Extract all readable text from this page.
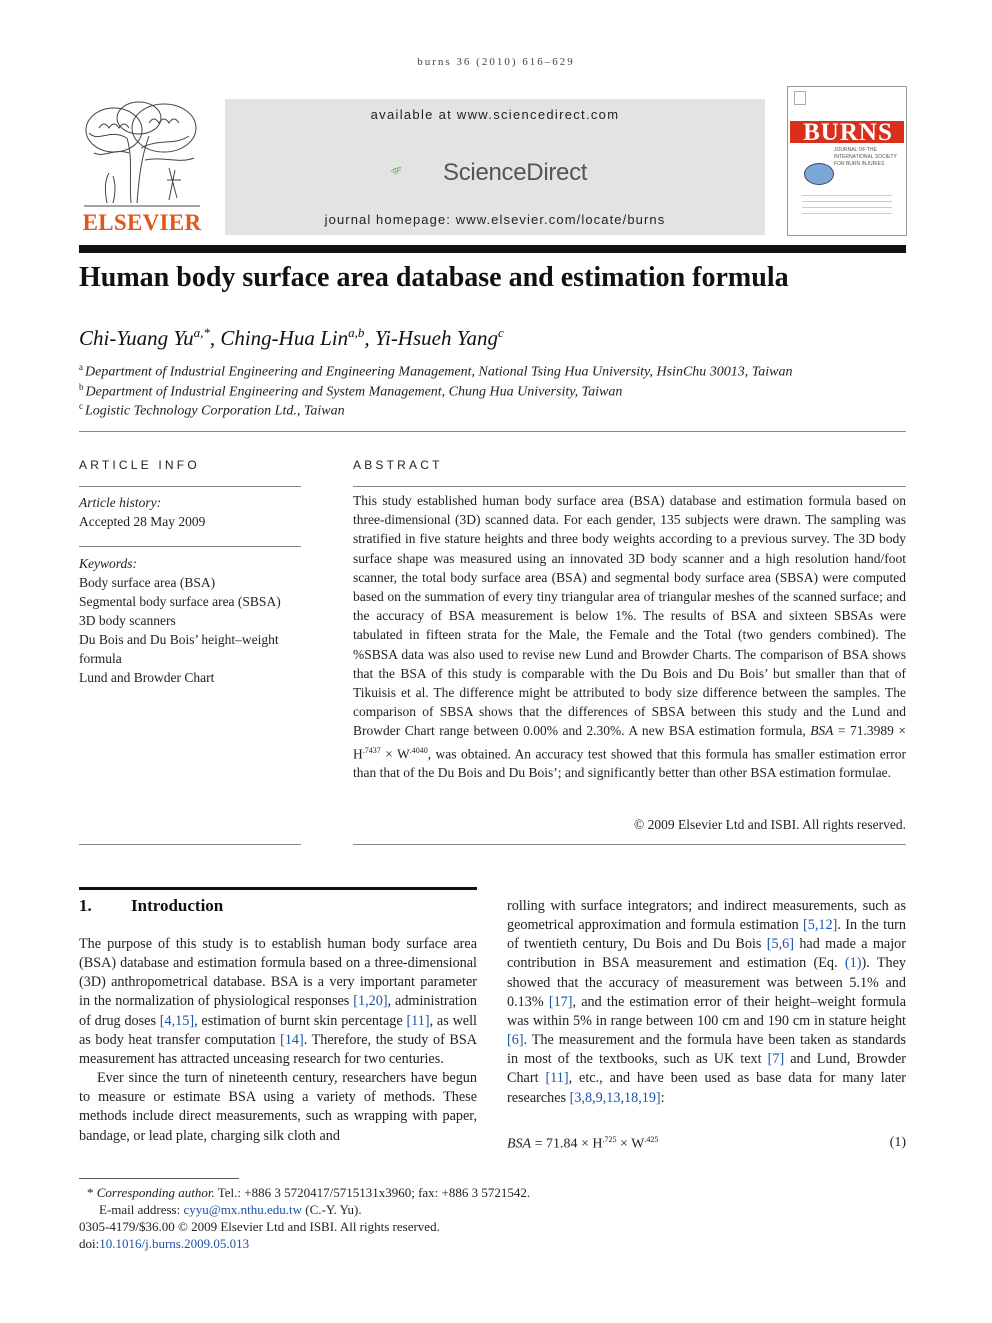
burns 36 (2010) 616–629
ELSEVIER
available at www.sciencedirect.com
ScienceDirect
journal homepage: www.elsevier.com/locate/burns
BURNS
JOURNAL OF THE INTERNATIONAL SOCIETY FOR BURN INJURIES
Human body surface area database and estimation formula
Chi-Yuang $Yu^{a,*}$, Ching-Hua Lin$^{a,b}$, Yi-Hsueh Yang$^c$
$^a$ Department of Industrial Engineering and Engineering Management, National Tsing Hua University, HsinChu 30013, Taiwan
$^b$ Department of Industrial Engineering and System Management, Chung Hua University, Taiwan
$^c$ Logistic Technology Corporation Ltd., Taiwan
ARTICLE INFO
Article history:
Accepted 28 May 2009
Keywords:
Body surface area (BSA)
Segmental body surface area (SBSA)
3D body scanners
Du Bois and Du Bois’ height–weight
formula
Lund and Browder Chart
ABSTRACT
This study established human body surface area (BSA) database and estimation formula based on three-dimensional (3D) scanned data. For each gender, 135 subjects were drawn. The sampling was stratified in five stature heights and three body weights according to a previous survey. The 3D body surface shape was measured using an innovated 3D body scanner and a high resolution hand/foot scanner, the total body surface area (BSA) and segmental body surface area (SBSA) were computed based on the summation of every tiny triangular area of triangular meshes of the scanned surface; and the accuracy of BSA measurement is below 1%. The results of BSA and sixteen SBSAs were tabulated in fifteen strata for the Male, the Female and the Total (two genders combined). The %SBSA data was also used to revise new Lund and Browder Charts. The comparison of BSA shows that the BSA of this study is comparable with the Du Bois and Du Bois’ but smaller than that of Tikuisis et al. The difference might be attributed to body size difference between the samples. The comparison of SBSA shows that the differences of SBSA between this study and the Lund and Browder Chart range between 0.00% and 2.30%. A new BSA estimation formula, BSA = $71.3989 \times H^{.7437} \times W^{.4040}$, was obtained. An accuracy test showed that this formula has smaller estimation error than that of the Du Bois and Du Bois’; and significantly better than other BSA estimation formulae.
© 2009 Elsevier Ltd and ISBI. All rights reserved.
1. Introduction

The purpose of this study is to establish human body surface area (BSA) database and estimation formula based on a three-dimensional (3D) anthropometrical database. BSA is a very important parameter in the normalization of physiological responses [1,20], administration of drug doses [4,15], estimation of burnt skin percentage [11], as well as body heat transfer computation [14]. Therefore, the study of BSA measurement has attracted unceasing research for two centuries.

Ever since the turn of nineteenth century, researchers have begun to measure or estimate BSA using a variety of methods. These methods include direct measurements, such as wrapping with paper, bandage, or lead plate, charging silk cloth and

rolling with surface integrators; and indirect measurements, such as geometrical approximation and formula estimation [5,12]. In the turn of twentieth century, Du Bois and Du Bois [5,6] had made a major contribution in BSA measurement and estimation (Eq. (1)). They showed that the accuracy of measurement was between 5.1% and 0.13% [17], and the estimation error of their height–weight formula was within 5% in range between 100 cm and 190 cm in stature height [6]. The measurement and the formula have been taken as standards in most of the textbooks, such as UK text [7] and Lund, Browder Chart [11], etc., and have been used as base data for many later researches [3,8,9,13,18,19]:

BSA = $71.84 \times H^{.725} \times W^{.425}$	(1)
* Corresponding author. Tel.: +886 3 5720417/5715131x3960; fax: +886 3 5721542.
E-mail address: cyyu@mx.nthu.edu.tw (C.-Y. Yu).
0305-4179/$36.00 © 2009 Elsevier Ltd and ISBI. All rights reserved.
doi:10.1016/j.burns.2009.05.013
